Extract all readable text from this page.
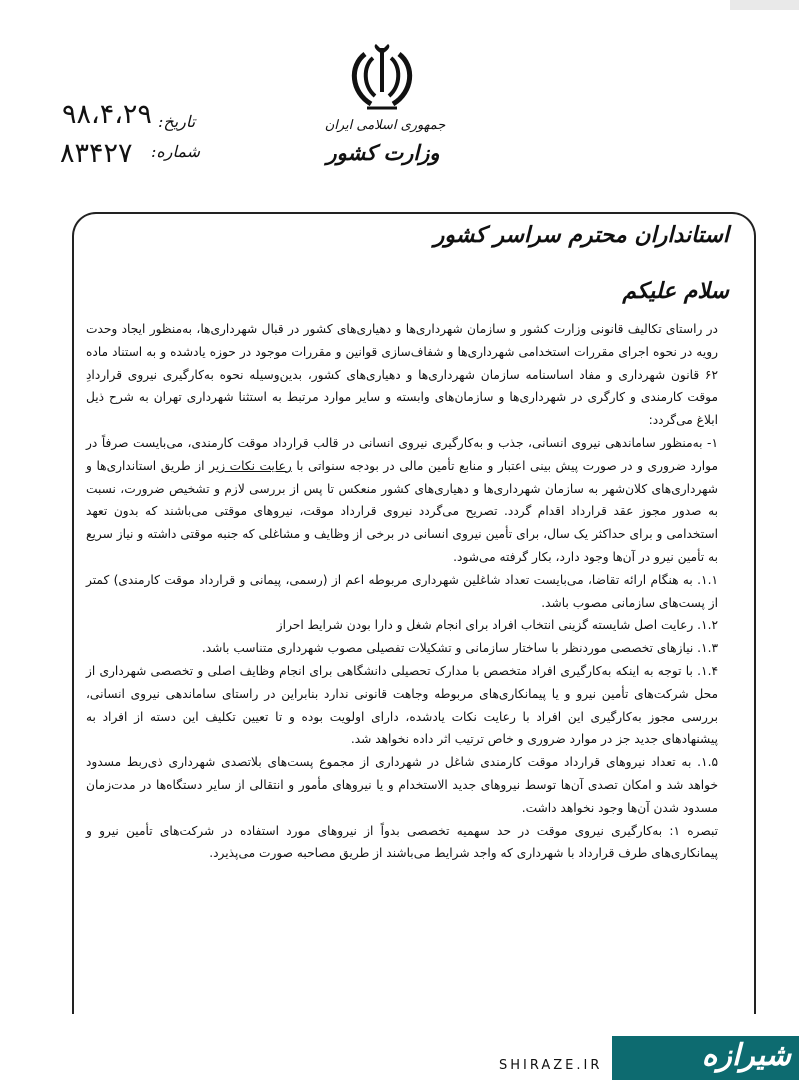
جمهوری اسلامی ایران
وزارت کشور
تاریخ:
شماره:
۹۸،۴،۲۹
۸۳۴۲۷
استانداران محترم سراسر کشور
سلام علیکم

در راستای تکالیف قانونی وزارت کشور و سازمان شهرداری‌ها و دهیاری‌های کشور در قبال شهرداری‌ها، به‌منظور ایجاد وحدت رویه در نحوه اجرای مقررات استخدامی شهرداری‌ها و شفاف‌سازی قوانین و مقررات موجود در حوزه یادشده و به استناد ماده ۶۲ قانون شهرداری و مفاد اساسنامه سازمان شهرداری‌ها و دهیاری‌های کشور، بدین‌وسیله نحوه به‌کارگیری نیروی قراردادِ موقت کارمندی و کارگری در شهرداری‌ها و سازمان‌های وابسته و سایر موارد مرتبط به استثنا شهرداری تهران به شرح ذیل ابلاغ می‌گردد:

۱- به‌منظور ساماندهی نیروی انسانی، جذب و به‌کارگیری نیروی انسانی در قالب قرارداد موقت کارمندی، می‌بایست صرفاً در موارد ضروری و در صورت پیش بینی اعتبار و منابع تأمین مالی در بودجه سنواتی با رعایت نکات زیر از طریق استانداری‌ها و شهرداری‌های کلان‌شهر به سازمان شهرداری‌ها و دهیاری‌های کشور منعکس تا پس از بررسی لازم و تشخیص ضرورت، نسبت به صدور مجوز عقد قرارداد اقدام گردد. تصریح می‌گردد نیروی قرارداد موقت، نیروهای موقتی می‌باشند که بدون تعهد استخدامی و برای حداکثر یک سال، برای تأمین نیروی انسانی در برخی از وظایف و مشاغلی که جنبه موقتی داشته و نیاز سریع به تأمین نیرو در آن‌ها وجود دارد، بکار گرفته می‌شود.

۱.۱. به هنگام ارائه تقاضا، می‌بایست تعداد شاغلین شهرداری مربوطه اعم از (رسمی، پیمانی و قرارداد موقت کارمندی) کمتر از پست‌های سازمانی مصوب باشد.

۱.۲. رعایت اصل شایسته گزینی انتخاب افراد برای انجام شغل و دارا بودن شرایط احراز

۱.۳. نیازهای تخصصی موردنظر با ساختار سازمانی و تشکیلات تفصیلی مصوب شهرداری متناسب باشد.

۱.۴. با توجه به اینکه به‌کارگیری افراد متخصص با مدارک تحصیلی دانشگاهی برای انجام وظایف اصلی و تخصصی شهرداری از محل شرکت‌های تأمین نیرو و یا پیمانکاری‌های مربوطه وجاهت قانونی ندارد بنابراین در راستای ساماندهی نیروی انسانی، بررسی مجوز به‌کارگیری این افراد با رعایت نکات یادشده، دارای اولویت بوده و تا تعیین تکلیف این دسته از افراد به پیشنهادهای جدید جز در موارد ضروری و خاص ترتیب اثر داده نخواهد شد.

۱.۵. به تعداد نیروهای قرارداد موقت کارمندی شاغل در شهرداری از مجموع پست‌های بلاتصدی شهرداری ذی‌ربط مسدود خواهد شد و امکان تصدی آن‌ها توسط نیروهای جدید الاستخدام و یا نیروهای مأمور و انتقالی از سایر دستگاه‌ها در مدت‌زمان مسدود شدن آن‌ها وجود نخواهد داشت.

تبصره ۱: به‌کارگیری نیروی موقت در حد سهمیه تخصصی بدواً از نیروهای مورد استفاده در شرکت‌های تأمین نیرو و پیمانکاری‌های طرف قرارداد با شهرداری که واجد شرایط می‌باشند از طریق مصاحبه صورت می‌پذیرد.

SHIRAZE.IR	شیرازه
